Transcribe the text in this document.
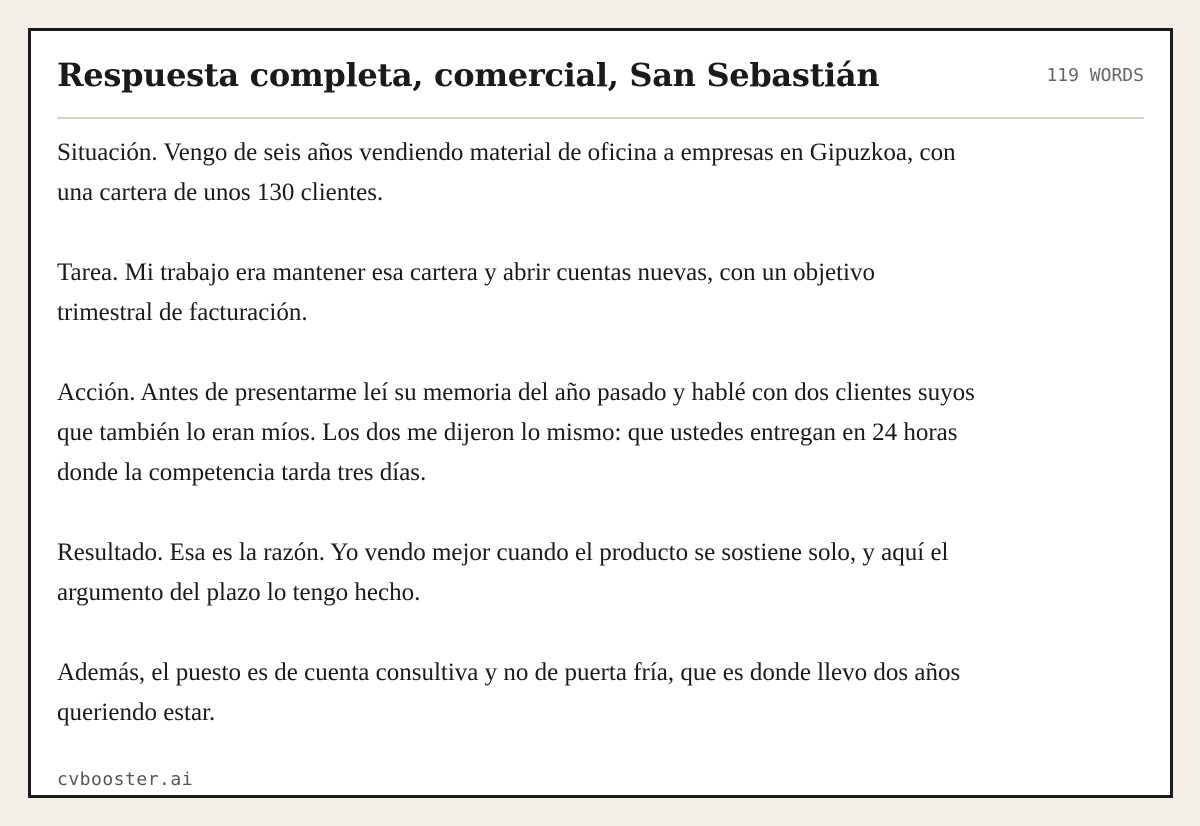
Respuesta completa, comercial, San Sebastián	119 WORDS

Situación. Vengo de seis años vendiendo material de oficina a empresas en Gipuzkoa, con una cartera de unos 130 clientes.

Tarea. Mi trabajo era mantener esa cartera y abrir cuentas nuevas, con un objetivo trimestral de facturación.

Acción. Antes de presentarme leí su memoria del año pasado y hablé con dos clientes suyos que también lo eran míos. Los dos me dijeron lo mismo: que ustedes entregan en 24 horas donde la competencia tarda tres días.

Resultado. Esa es la razón. Yo vendo mejor cuando el producto se sostiene solo, y aquí el argumento del plazo lo tengo hecho.

Además, el puesto es de cuenta consultiva y no de puerta fría, que es donde llevo dos años queriendo estar.

cvbooster.ai
